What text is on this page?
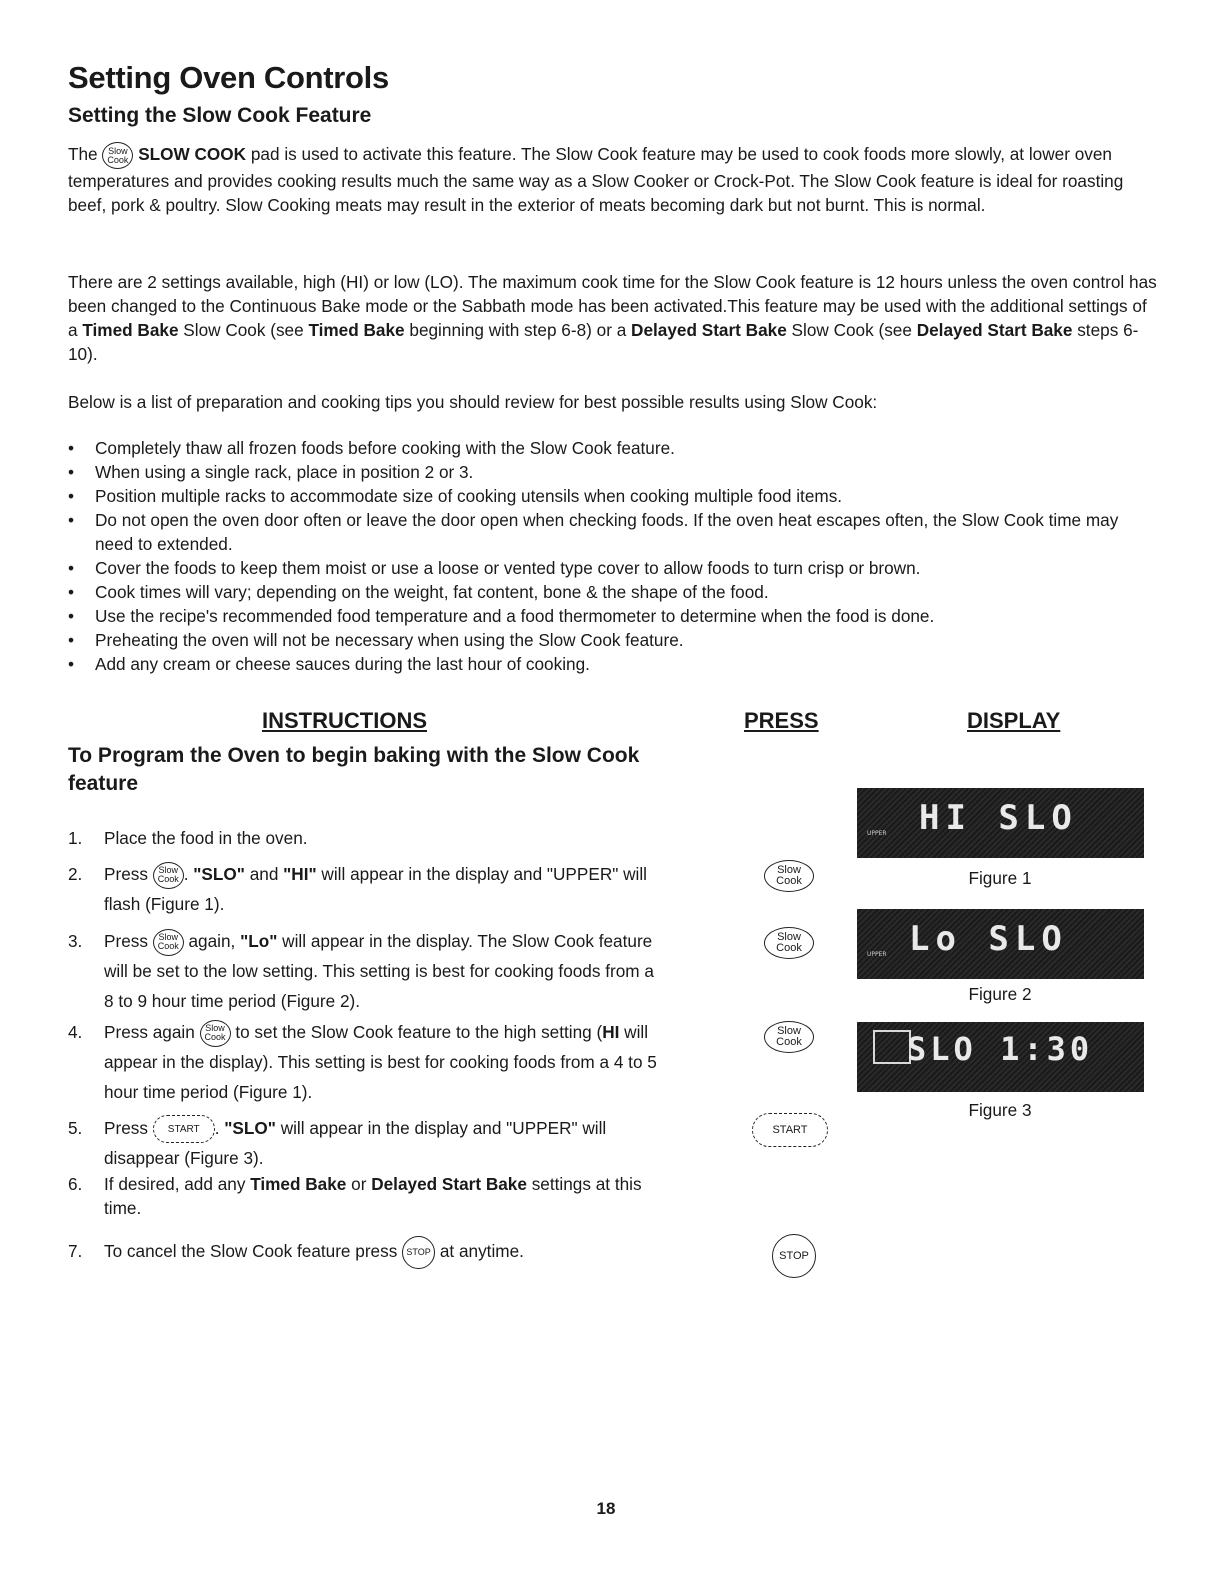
Setting Oven Controls
Setting the Slow Cook Feature

The Slow
Cook SLOW COOK pad is used to activate this feature. The Slow Cook feature may be used to cook foods more slowly, at lower oven temperatures and provides cooking results much the same way as a Slow Cooker or Crock-Pot. The Slow Cook feature is ideal for roasting beef, pork & poultry. Slow Cooking meats may result in the exterior of meats becoming dark but not burnt. This is normal.

There are 2 settings available, high (HI) or low (LO). The maximum cook time for the Slow Cook feature is 12 hours unless the oven control has been changed to the Continuous Bake mode or the Sabbath mode has been activated.This feature may be used with the additional settings of a Timed Bake Slow Cook (see Timed Bake beginning with step 6-8) or a Delayed Start Bake Slow Cook (see Delayed Start Bake steps 6-10).

Below is a list of preparation and cooking tips you should review for best possible results using Slow Cook:

• Completely thaw all frozen foods before cooking with the Slow Cook feature.
• When using a single rack, place in position 2 or 3.
• Position multiple racks to accommodate size of cooking utensils when cooking multiple food items.
• Do not open the oven door often or leave the door open when checking foods. If the oven heat escapes often, the Slow Cook time may need to extended.
• Cover the foods to keep them moist or use a loose or vented type cover to allow foods to turn crisp or brown.
• Cook times will vary; depending on the weight, fat content, bone & the shape of the food.
• Use the recipe's recommended food temperature and a food thermometer to determine when the food is done.
• Preheating the oven will not be necessary when using the Slow Cook feature.
• Add any cream or cheese sauces during the last hour of cooking.
INSTRUCTIONS	PRESS	DISPLAY

To Program the Oven to begin baking with the Slow Cook feature

1. Place the food in the oven.
2. Press Slow
Cook . "SLO" and "HI" will appear in the display and "UPPER" will flash (Figure 1).
3. Press Slow
Cook again, "Lo" will appear in the display. The Slow Cook feature will be set to the low setting. This setting is best for cooking foods from a 8 to 9 hour time period (Figure 2).
4. Press again Slow
Cook to set the Slow Cook feature to the high setting (HI will appear in the display). This setting is best for cooking foods from a 4 to 5 hour time period (Figure 1).
5. Press START . "SLO" will appear in the display and "UPPER" will disappear (Figure 3).
6. If desired, add any Timed Bake or Delayed Start Bake settings at this time.
7. To cancel the Slow Cook feature press STOP at anytime.
Slow
Cook
Slow
Cook
Slow
Cook
START
STOP
HI SLO
UPPER
Figure 1
Lo SLO
UPPER
Figure 2
SLO 1:30
Figure 3
18
